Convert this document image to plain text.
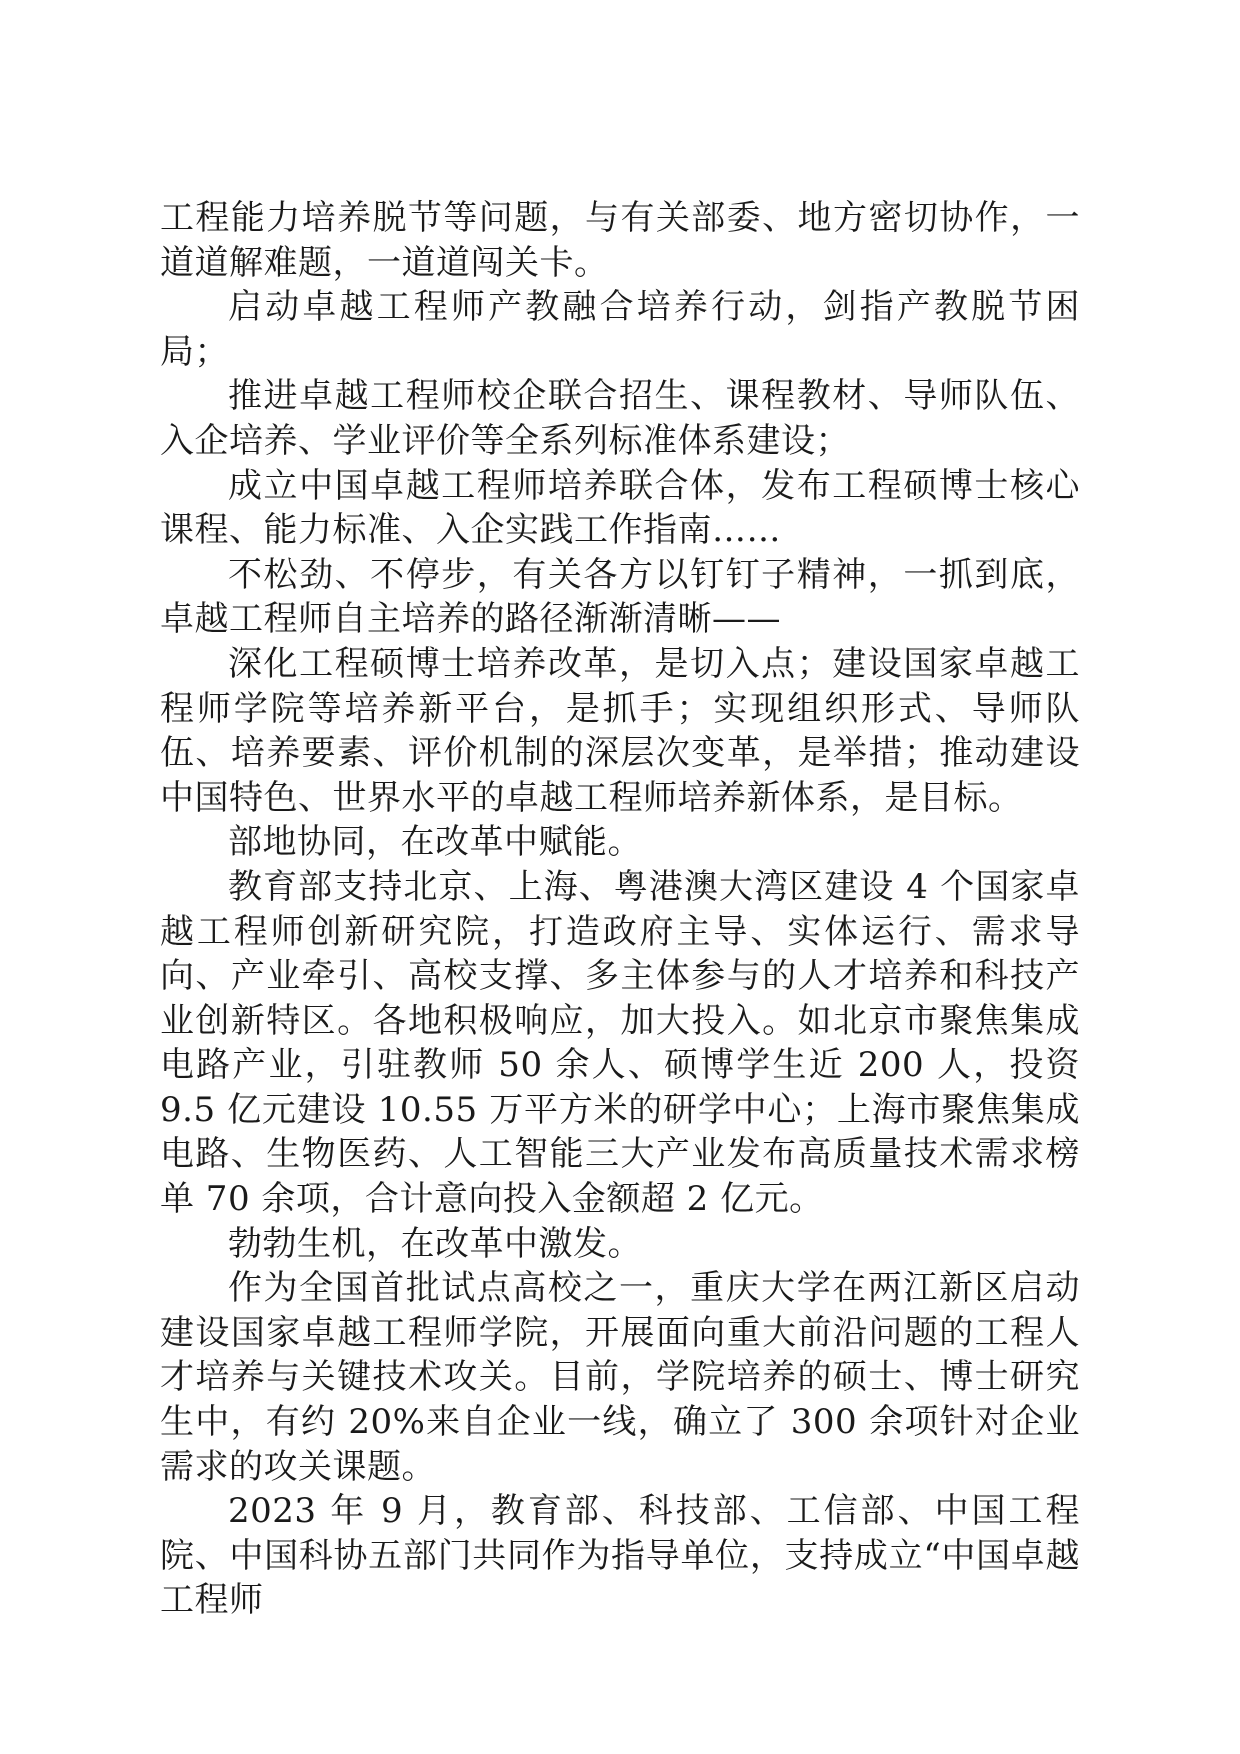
工程能力培养脱节等问题，与有关部委、地方密切协作，一道道解难题，一道道闯关卡。

启动卓越工程师产教融合培养行动，剑指产教脱节困局；

推进卓越工程师校企联合招生、课程教材、导师队伍、入企培养、学业评价等全系列标准体系建设；

成立中国卓越工程师培养联合体，发布工程硕博士核心课程、能力标准、入企实践工作指南……

不松劲、不停步，有关各方以钉钉子精神，一抓到底，卓越工程师自主培养的路径渐渐清晰——

深化工程硕博士培养改革，是切入点；建设国家卓越工程师学院等培养新平台，是抓手；实现组织形式、导师队伍、培养要素、评价机制的深层次变革，是举措；推动建设中国特色、世界水平的卓越工程师培养新体系，是目标。

部地协同，在改革中赋能。

教育部支持北京、上海、粤港澳大湾区建设 4 个国家卓越工程师创新研究院，打造政府主导、实体运行、需求导向、产业牵引、高校支撑、多主体参与的人才培养和科技产业创新特区。各地积极响应，加大投入。如北京市聚焦集成电路产业，引驻教师 50 余人、硕博学生近 200 人，投资 9.5 亿元建设 10.55 万平方米的研学中心；上海市聚焦集成电路、生物医药、人工智能三大产业发布高质量技术需求榜单 70 余项，合计意向投入金额超 2 亿元。

勃勃生机，在改革中激发。

作为全国首批试点高校之一，重庆大学在两江新区启动建设国家卓越工程师学院，开展面向重大前沿问题的工程人才培养与关键技术攻关。目前，学院培养的硕士、博士研究生中，有约 20%来自企业一线，确立了 300 余项针对企业需求的攻关课题。

2023 年 9 月，教育部、科技部、工信部、中国工程院、中国科协五部门共同作为指导单位，支持成立“中国卓越工程师
